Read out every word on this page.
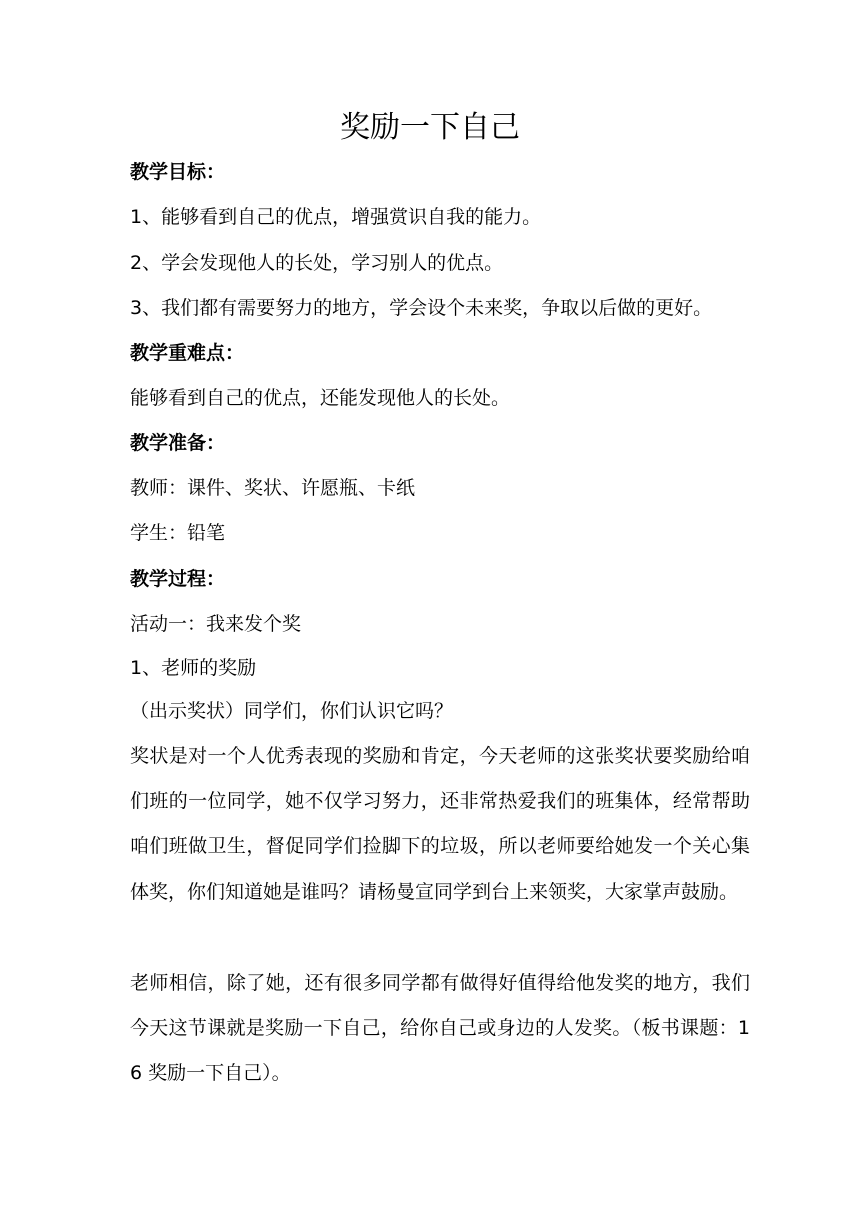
奖励一下自己
教学目标：
1、能够看到自己的优点，增强赏识自我的能力。
2、学会发现他人的长处，学习别人的优点。
3、我们都有需要努力的地方，学会设个未来奖，争取以后做的更好。
教学重难点：
能够看到自己的优点，还能发现他人的长处。
教学准备：
教师：课件、奖状、许愿瓶、卡纸
学生：铅笔
教学过程：
活动一：我来发个奖
1、老师的奖励
（出示奖状）同学们，你们认识它吗？

奖状是对一个人优秀表现的奖励和肯定，今天老师的这张奖状要奖励给咱们班的一位同学，她不仅学习努力，还非常热爱我们的班集体，经常帮助咱们班做卫生，督促同学们捡脚下的垃圾，所以老师要给她发一个关心集体奖，你们知道她是谁吗？请杨曼宣同学到台上来领奖，大家掌声鼓励。

老师相信，除了她，还有很多同学都有做得好值得给他发奖的地方，我们今天这节课就是奖励一下自己，给你自己或身边的人发奖。（板书课题：16 奖励一下自己）。
